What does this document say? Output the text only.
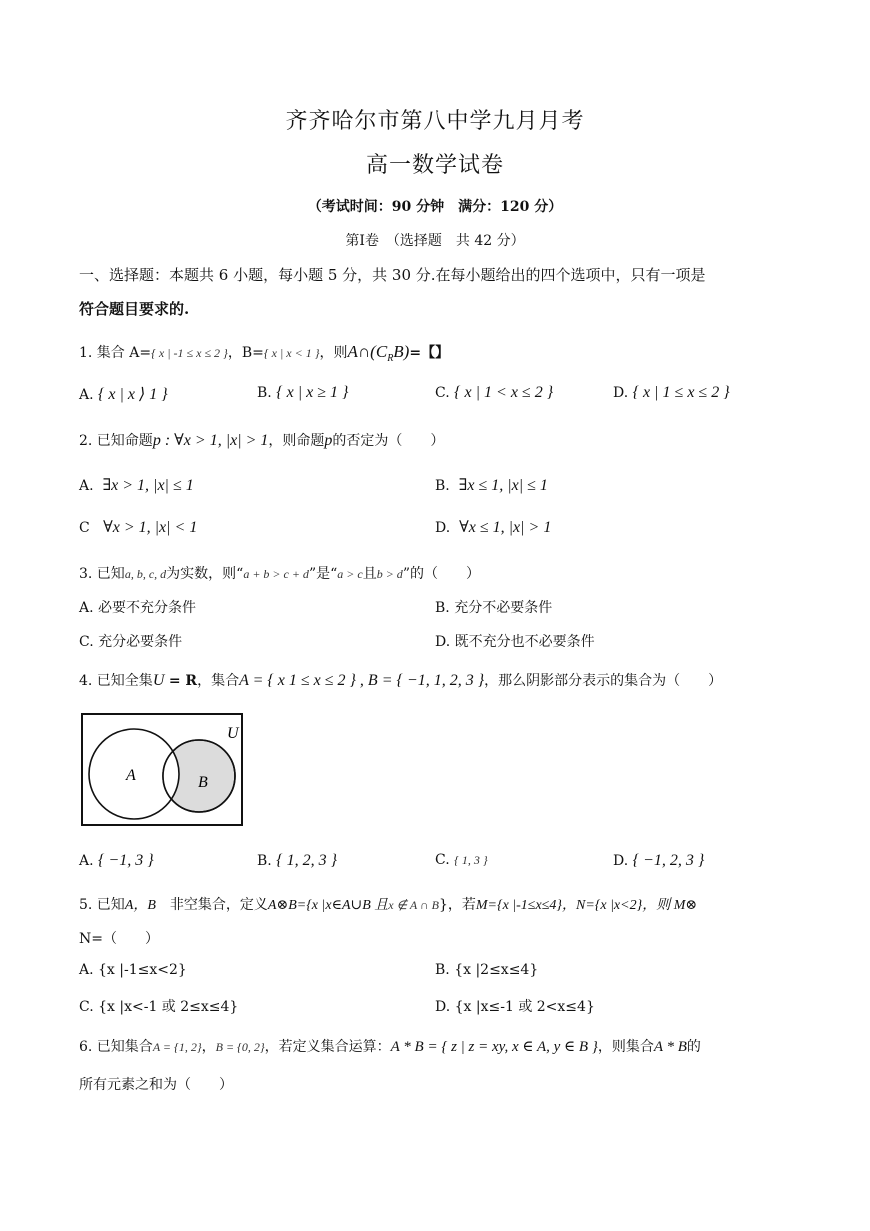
齐齐哈尔市第八中学九月月考
高一数学试卷
（考试时间：90 分钟　满分：120 分）
第Ⅰ卷　（选择题　共 42 分）
一、选择题：本题共 6 小题，每小题 5 分，共 30 分.在每小题给出的四个选项中，只有一项是
符合题目要求的.
1. 集合 A={ x | -1 ≤ x ≤ 2 }，B={ x | x < 1 }，则$A\cap(C_RB)=$【】
A. { x | x ⟩ 1 }	B. { x | x ≥ 1 }	C. { x | 1 < x ≤ 2 }	D. { x | 1 ≤ x ≤ 2 }
2. 已知命题p : ∀x > 1, |x| > 1，则命题p的否定为（　　）
A. ∃x > 1, |x| ≤ 1	B. ∃x ≤ 1, |x| ≤ 1
C ∀x > 1, |x| < 1	D. ∀x ≤ 1, |x| > 1
3. 已知a, b, c, d为实数，则“a + b > c + d”是“a > c且b > d”的（　　）
A. 必要不充分条件	B. 充分不必要条件
C. 充分必要条件	D. 既不充分也不必要条件
4. 已知全集U = R，集合A = { x 1 ≤ x ≤ 2 } , B = { −1, 1, 2, 3 }，那么阴影部分表示的集合为（　　）
U
A	B
A. { −1, 3 }	B. { 1, 2, 3 }	C. { 1, 3 }	D. { −1, 2, 3 }
5. 已知A，B　非空集合，定义A⊗B={x |x∈A∪B 且x ∉ A ∩ B}，若M={x |-1≤x≤4}，N={x |x<2}，则 M⊗
N=（　　）
A. {x |-1≤x<2}	B. {x |2≤x≤4}
C. {x |x<-1 或 2≤x≤4}	D. {x |x≤-1 或 2<x≤4}
6. 已知集合A = {1, 2}，B = {0, 2}，若定义集合运算：A * B = { z | z = xy, x ∈ A, y ∈ B }，则集合A * B的
所有元素之和为（　　）
